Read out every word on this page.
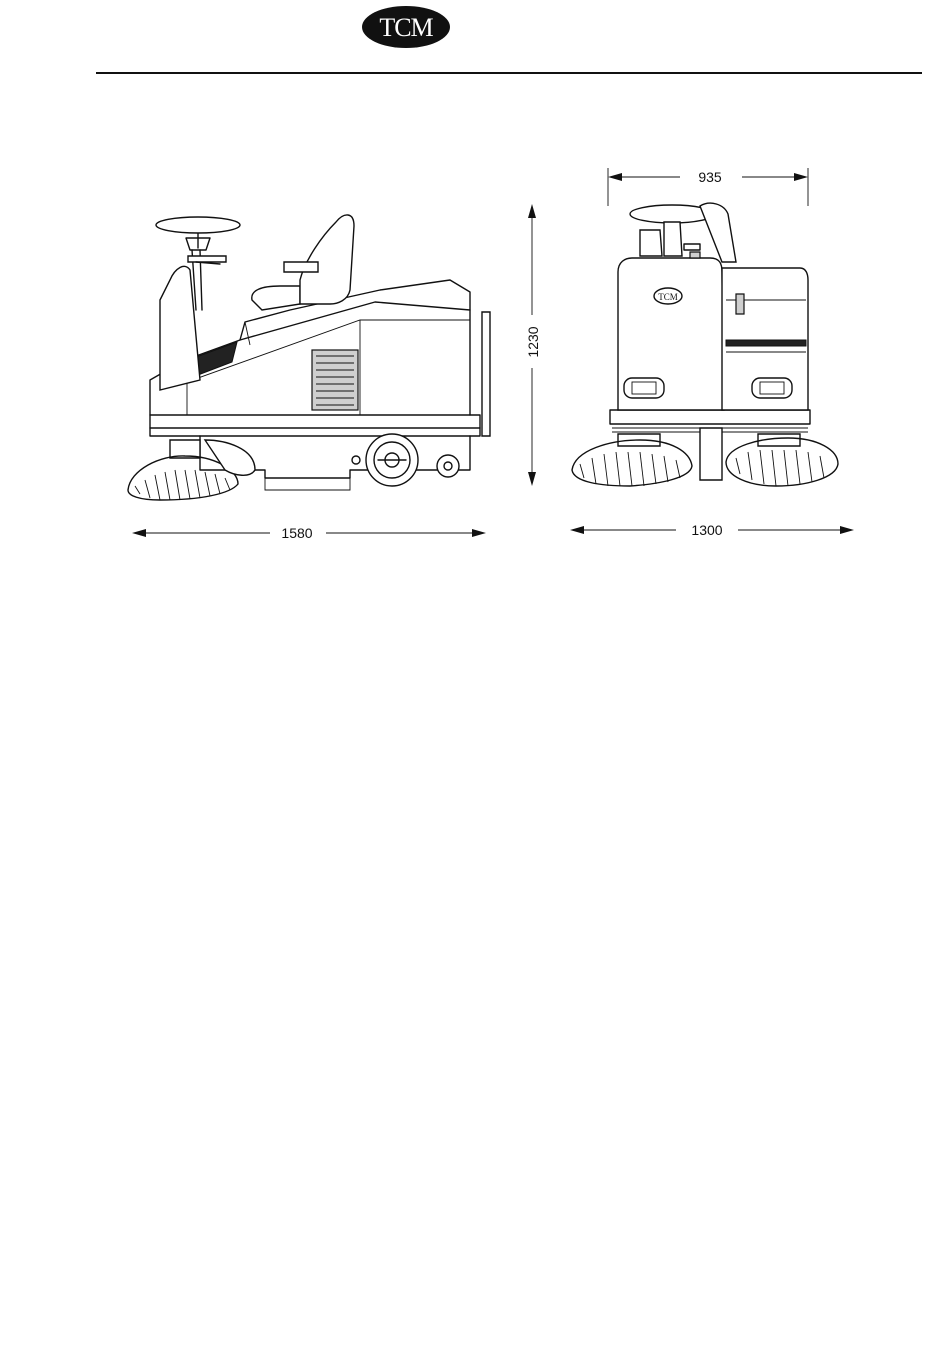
TCM
1580
1230
TCM
935
1300
